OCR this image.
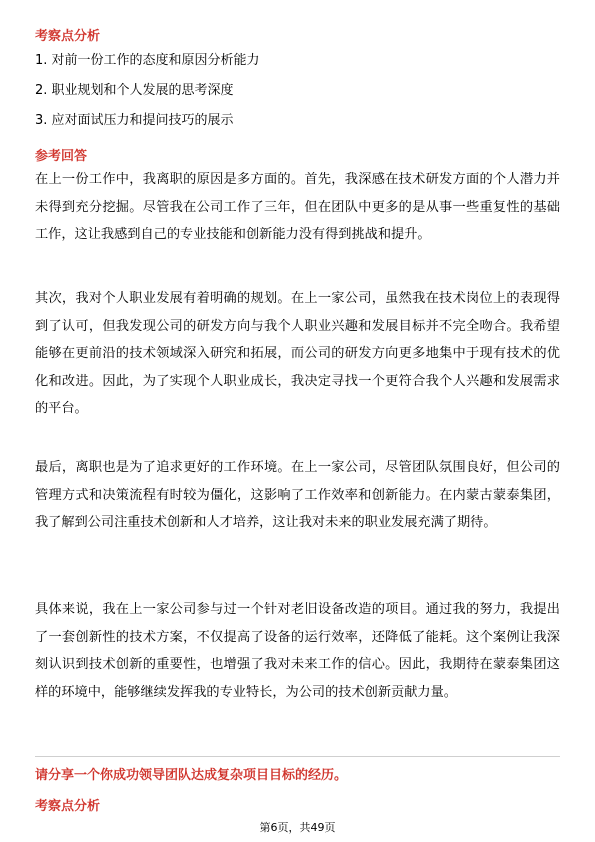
考察点分析
1. 对前一份工作的态度和原因分析能力
2. 职业规划和个人发展的思考深度
3. 应对面试压力和提问技巧的展示
参考回答

在上一份工作中，我离职的原因是多方面的。首先，我深感在技术研发方面的个人潜力并未得到充分挖掘。尽管我在公司工作了三年，但在团队中更多的是从事一些重复性的基础工作，这让我感到自己的专业技能和创新能力没有得到挑战和提升。

其次，我对个人职业发展有着明确的规划。在上一家公司，虽然我在技术岗位上的表现得到了认可，但我发现公司的研发方向与我个人职业兴趣和发展目标并不完全吻合。我希望能够在更前沿的技术领域深入研究和拓展，而公司的研发方向更多地集中于现有技术的优化和改进。因此，为了实现个人职业成长，我决定寻找一个更符合我个人兴趣和发展需求的平台。

最后，离职也是为了追求更好的工作环境。在上一家公司，尽管团队氛围良好，但公司的管理方式和决策流程有时较为僵化，这影响了工作效率和创新能力。在内蒙古蒙泰集团，我了解到公司注重技术创新和人才培养，这让我对未来的职业发展充满了期待。

具体来说，我在上一家公司参与过一个针对老旧设备改造的项目。通过我的努力，我提出了一套创新性的技术方案，不仅提高了设备的运行效率，还降低了能耗。这个案例让我深刻认识到技术创新的重要性，也增强了我对未来工作的信心。因此，我期待在蒙泰集团这样的环境中，能够继续发挥我的专业特长，为公司的技术创新贡献力量。

请分享一个你成功领导团队达成复杂项目目标的经历。
考察点分析
第6页，共49页
